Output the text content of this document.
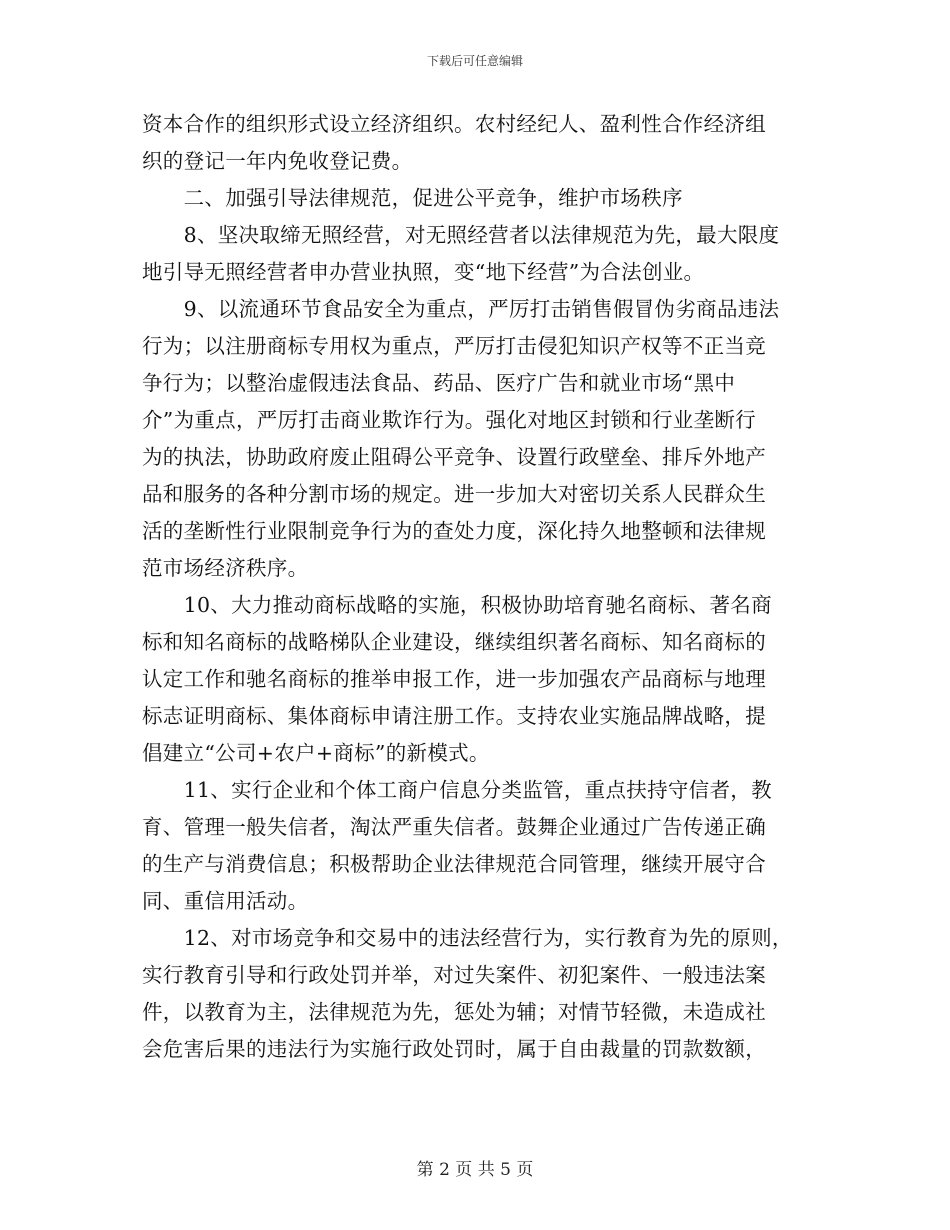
下载后可任意编辑
资本合作的组织形式设立经济组织。农村经纪人、盈利性合作经济组
织的登记一年内免收登记费。
　　二、加强引导法律规范，促进公平竞争，维护市场秩序
　　8、坚决取缔无照经营，对无照经营者以法律规范为先，最大限度
地引导无照经营者申办营业执照，变“地下经营”为合法创业。
　　9、以流通环节食品安全为重点，严厉打击销售假冒伪劣商品违法
行为；以注册商标专用权为重点，严厉打击侵犯知识产权等不正当竞
争行为；以整治虚假违法食品、药品、医疗广告和就业市场“黑中
介”为重点，严厉打击商业欺诈行为。强化对地区封锁和行业垄断行
为的执法，协助政府废止阻碍公平竞争、设置行政壁垒、排斥外地产
品和服务的各种分割市场的规定。进一步加大对密切关系人民群众生
活的垄断性行业限制竞争行为的查处力度，深化持久地整顿和法律规
范市场经济秩序。
　　10、大力推动商标战略的实施，积极协助培育驰名商标、著名商
标和知名商标的战略梯队企业建设，继续组织著名商标、知名商标的
认定工作和驰名商标的推举申报工作，进一步加强农产品商标与地理
标志证明商标、集体商标申请注册工作。支持农业实施品牌战略，提
倡建立“公司+农户+商标”的新模式。
　　11、实行企业和个体工商户信息分类监管，重点扶持守信者，教
育、管理一般失信者，淘汰严重失信者。鼓舞企业通过广告传递正确
的生产与消费信息；积极帮助企业法律规范合同管理，继续开展守合
同、重信用活动。
　　12、对市场竞争和交易中的违法经营行为，实行教育为先的原则，
实行教育引导和行政处罚并举，对过失案件、初犯案件、一般违法案
件，以教育为主，法律规范为先，惩处为辅；对情节轻微，未造成社
会危害后果的违法行为实施行政处罚时，属于自由裁量的罚款数额，
第 2 页 共 5 页
